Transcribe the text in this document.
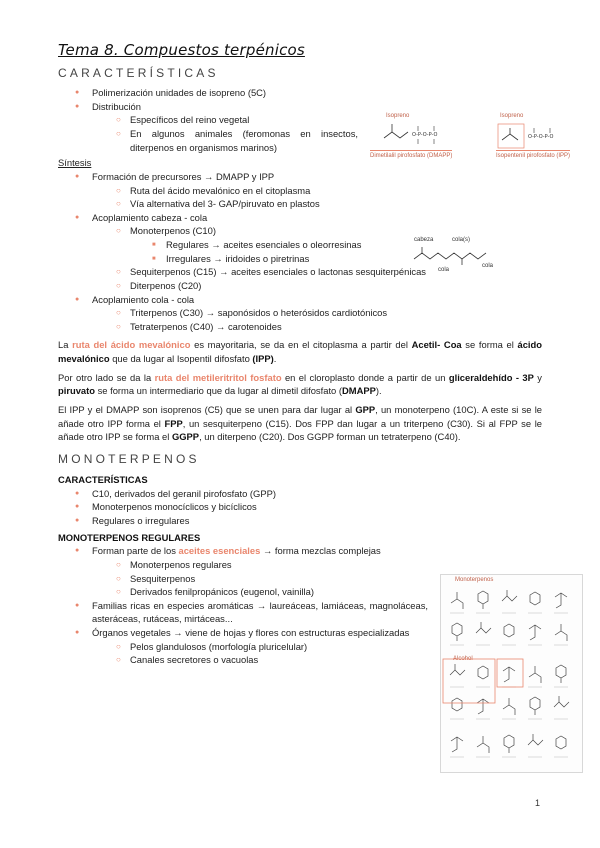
Tema 8. Compuestos terpénicos
CARACTERÍSTICAS
● Polimerización unidades de isopreno (5C)
● Distribución
○ Específicos del reino vegetal
○ En algunos animales (feromonas en insectos, diterpenos en organismos marinos)
Síntesis
● Formación de precursores → DMAPP y IPP
○ Ruta del ácido mevalónico en el citoplasma
○ Vía alternativa del 3- GAP/piruvato en plastos
● Acoplamiento cabeza - cola
○ Monoterpenos (C10)
■ Regulares → aceites esenciales o oleorresinas
■ Irregulares → iridoides o piretrinas
○ Sequiterpenos (C15) → aceites esenciales o lactonas sesquiterpénicas
○ Diterpenos (C20)
● Acoplamiento cola - cola
○ Triterpenos (C30) → saponósidos o heterósidos cardiotónicos
○ Tetraterpenos (C40) → carotenoides

La ruta del ácido mevalónico es mayoritaria, se da en el citoplasma a partir del Acetil- Coa se forma el ácido mevalónico que da lugar al Isopentil difosfato (IPP).

Por otro lado se da la ruta del metileritritol fosfato en el cloroplasto donde a partir de un gliceraldehído - 3P y piruvato se forma un intermediario que da lugar al dimetil difosfato (DMAPP).

El IPP y el DMAPP son isoprenos (C5) que se unen para dar lugar al GPP, un monoterpeno (10C). A este si se le añade otro IPP forma el FPP, un sesquiterpeno (C15). Dos FPP dan lugar a un triterpeno (C30). Si al FPP se le añade otro IPP se forma el GGPP, un diterpeno (C20). Dos GGPP forman un tetraterpeno (C40).

MONOTERPENOS
CARACTERÍSTICAS
● C10, derivados del geranil pirofosfato (GPP)
● Monoterpenos monocíclicos y bicíclicos
● Regulares o irregulares
MONOTERPENOS REGULARES
● Forman parte de los aceites esenciales → forma mezclas complejas
○ Monoterpenos regulares
○ Sesquiterpenos
○ Derivados fenilpropánicos (eugenol, vainilla)
● Familias ricas en especies aromáticas → laureáceas, lamiáceas, magnoláceas, asteráceas, rutáceas, mirtáceas...
● Órganos vegetales → viene de hojas y flores con estructuras especializadas
○ Pelos glandulosos (morfología pluricelular)
○ Canales secretores o vacuolas
Isopreno
O-P-O-P-O
Dimetilalil pirofosfato (DMAPP)
Isopreno
O-P-O-P-O
Isopentenil pirofosfato (IPP)
cabeza	cola(s)
cola
cola
Monoterpenos
Alcohol
1
